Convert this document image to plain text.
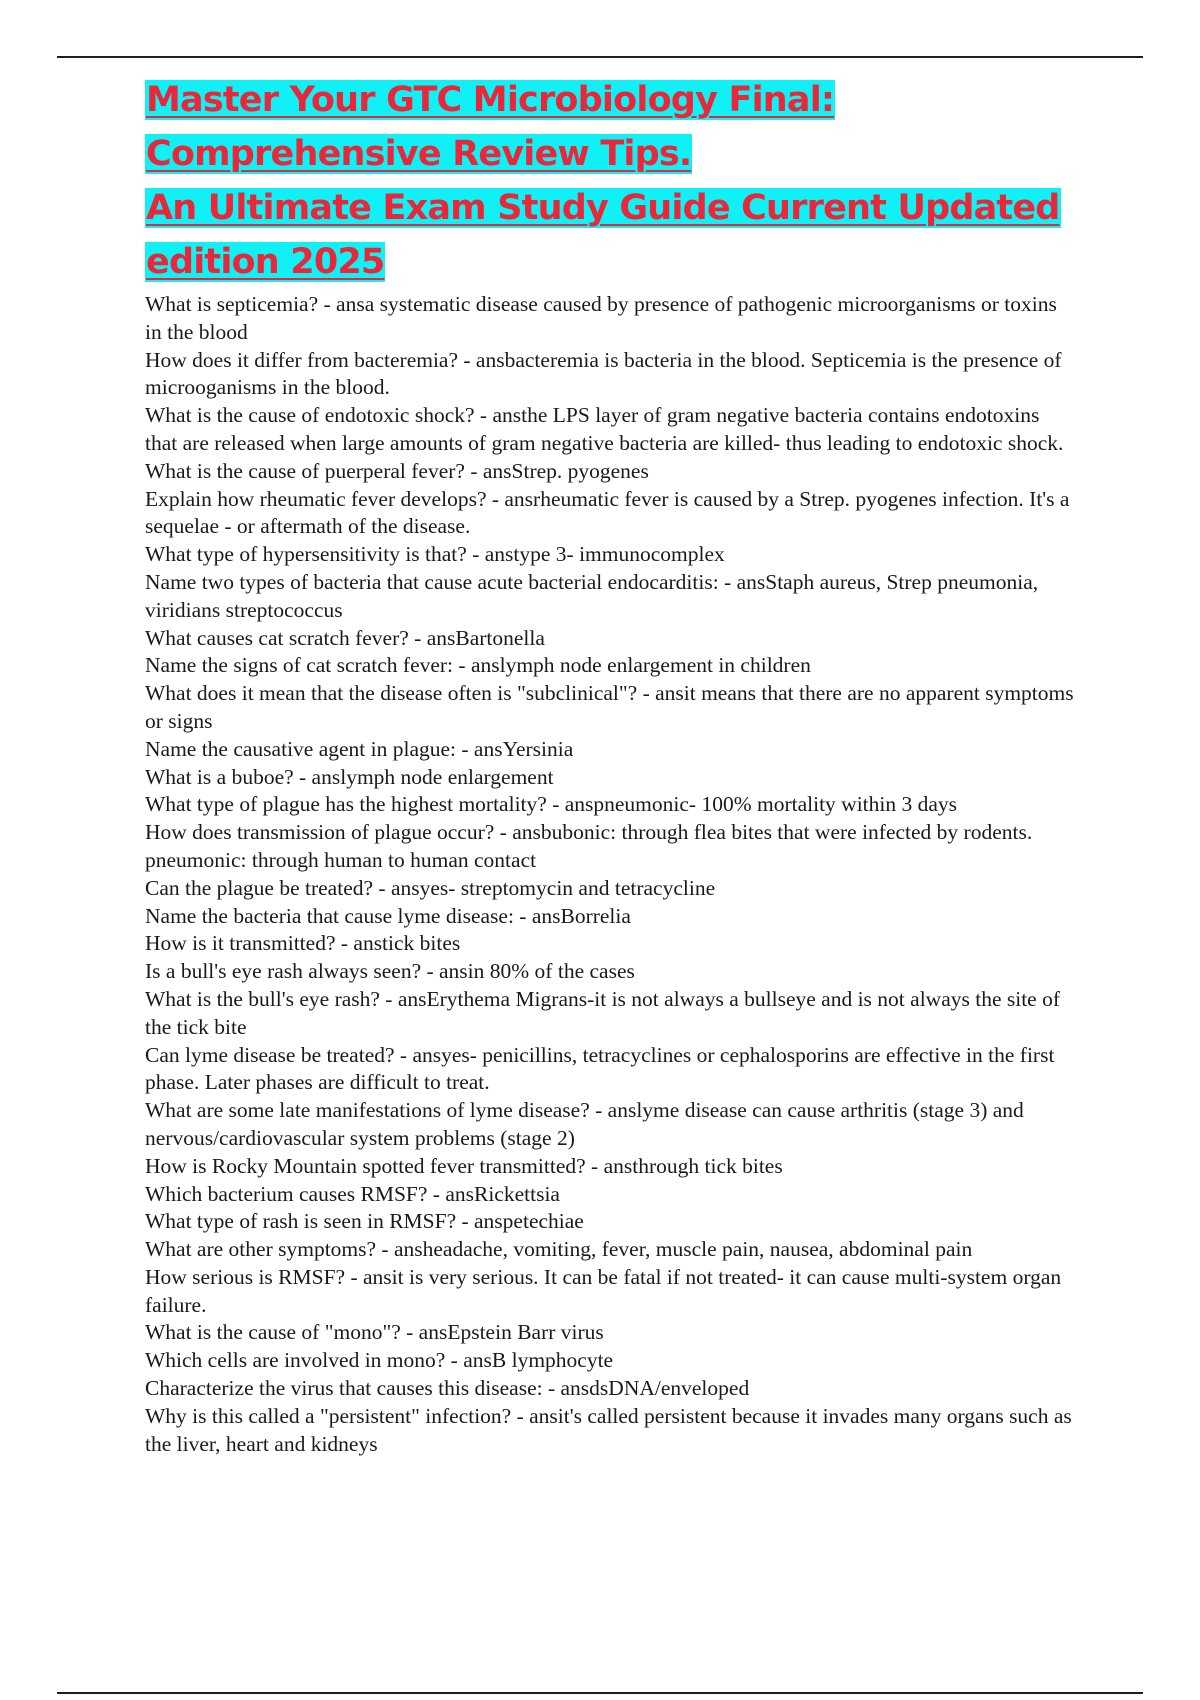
Master Your GTC Microbiology Final:
Comprehensive Review Tips.
An Ultimate Exam Study Guide Current Updated
edition 2025

What is septicemia? - ansa systematic disease caused by presence of pathogenic microorganisms or toxins in the blood

How does it differ from bacteremia? - ansbacteremia is bacteria in the blood. Septicemia is the presence of microoganisms in the blood.

What is the cause of endotoxic shock? - ansthe LPS layer of gram negative bacteria contains endotoxins that are released when large amounts of gram negative bacteria are killed- thus leading to endotoxic shock.

What is the cause of puerperal fever? - ansStrep. pyogenes

Explain how rheumatic fever develops? - ansrheumatic fever is caused by a Strep. pyogenes infection. It's a sequelae - or aftermath of the disease.

What type of hypersensitivity is that? - anstype 3- immunocomplex

Name two types of bacteria that cause acute bacterial endocarditis: - ansStaph aureus, Strep pneumonia, viridians streptococcus

What causes cat scratch fever? - ansBartonella

Name the signs of cat scratch fever: - anslymph node enlargement in children

What does it mean that the disease often is "subclinical"? - ansit means that there are no apparent symptoms or signs

Name the causative agent in plague: - ansYersinia

What is a buboe? - anslymph node enlargement

What type of plague has the highest mortality? - anspneumonic- 100% mortality within 3 days

How does transmission of plague occur? - ansbubonic: through flea bites that were infected by rodents. pneumonic: through human to human contact

Can the plague be treated? - ansyes- streptomycin and tetracycline

Name the bacteria that cause lyme disease: - ansBorrelia

How is it transmitted? - anstick bites

Is a bull's eye rash always seen? - ansin 80% of the cases

What is the bull's eye rash? - ansErythema Migrans-it is not always a bullseye and is not always the site of the tick bite

Can lyme disease be treated? - ansyes- penicillins, tetracyclines or cephalosporins are effective in the first phase. Later phases are difficult to treat.

What are some late manifestations of lyme disease? - anslyme disease can cause arthritis (stage 3) and nervous/cardiovascular system problems (stage 2)

How is Rocky Mountain spotted fever transmitted? - ansthrough tick bites

Which bacterium causes RMSF? - ansRickettsia

What type of rash is seen in RMSF? - anspetechiae

What are other symptoms? - ansheadache, vomiting, fever, muscle pain, nausea, abdominal pain

How serious is RMSF? - ansit is very serious. It can be fatal if not treated- it can cause multi-system organ failure.

What is the cause of "mono"? - ansEpstein Barr virus

Which cells are involved in mono? - ansB lymphocyte

Characterize the virus that causes this disease: - ansdsDNA/enveloped

Why is this called a "persistent" infection? - ansit's called persistent because it invades many organs such as the liver, heart and kidneys
